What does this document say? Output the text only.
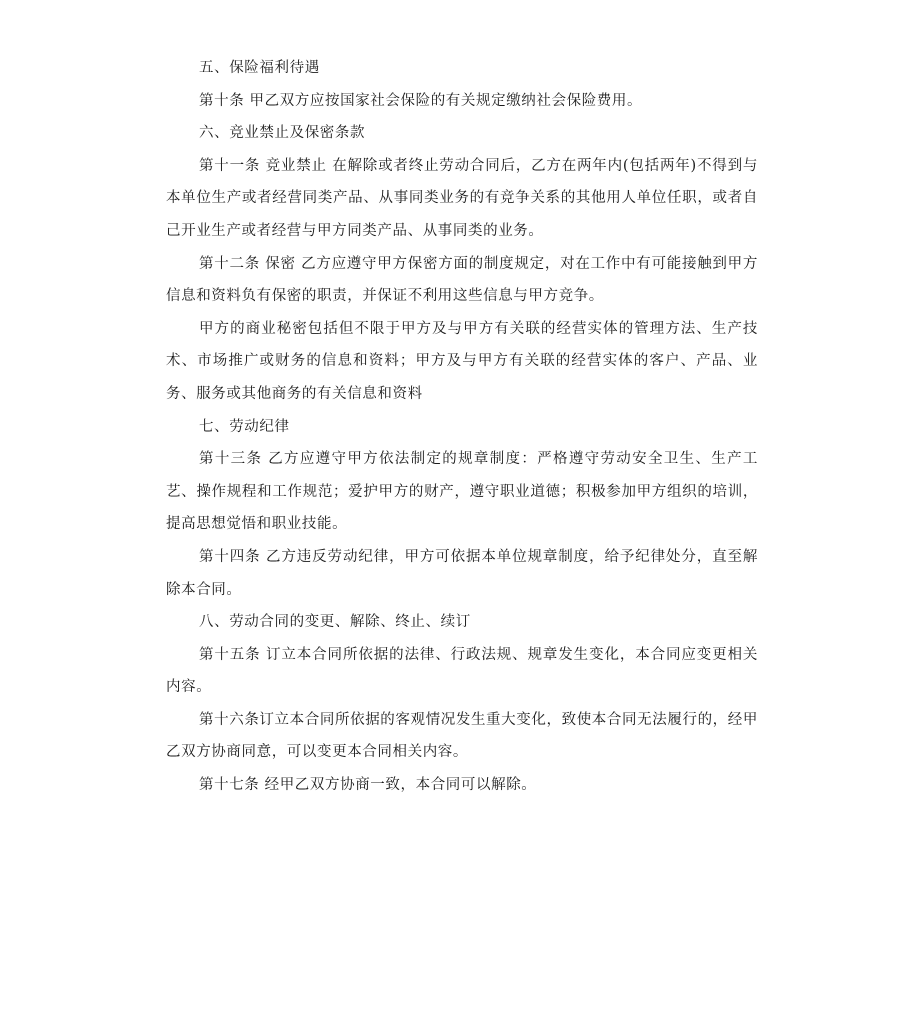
五、保险福利待遇

第十条 甲乙双方应按国家社会保险的有关规定缴纳社会保险费用。

六、竞业禁止及保密条款

第十一条 竞业禁止 在解除或者终止劳动合同后，乙方在两年内(包括两年)不得到与本单位生产或者经营同类产品、从事同类业务的有竞争关系的其他用人单位任职，或者自己开业生产或者经营与甲方同类产品、从事同类的业务。

第十二条 保密 乙方应遵守甲方保密方面的制度规定，对在工作中有可能接触到甲方信息和资料负有保密的职责，并保证不利用这些信息与甲方竞争。

甲方的商业秘密包括但不限于甲方及与甲方有关联的经营实体的管理方法、生产技术、市场推广或财务的信息和资料；甲方及与甲方有关联的经营实体的客户、产品、业务、服务或其他商务的有关信息和资料

七、劳动纪律

第十三条 乙方应遵守甲方依法制定的规章制度：严格遵守劳动安全卫生、生产工艺、操作规程和工作规范；爱护甲方的财产，遵守职业道德；积极参加甲方组织的培训，提高思想觉悟和职业技能。

第十四条 乙方违反劳动纪律，甲方可依据本单位规章制度，给予纪律处分，直至解除本合同。

八、劳动合同的变更、解除、终止、续订

第十五条 订立本合同所依据的法律、行政法规、规章发生变化，本合同应变更相关内容。

第十六条订立本合同所依据的客观情况发生重大变化，致使本合同无法履行的，经甲乙双方协商同意，可以变更本合同相关内容。

第十七条 经甲乙双方协商一致，本合同可以解除。
